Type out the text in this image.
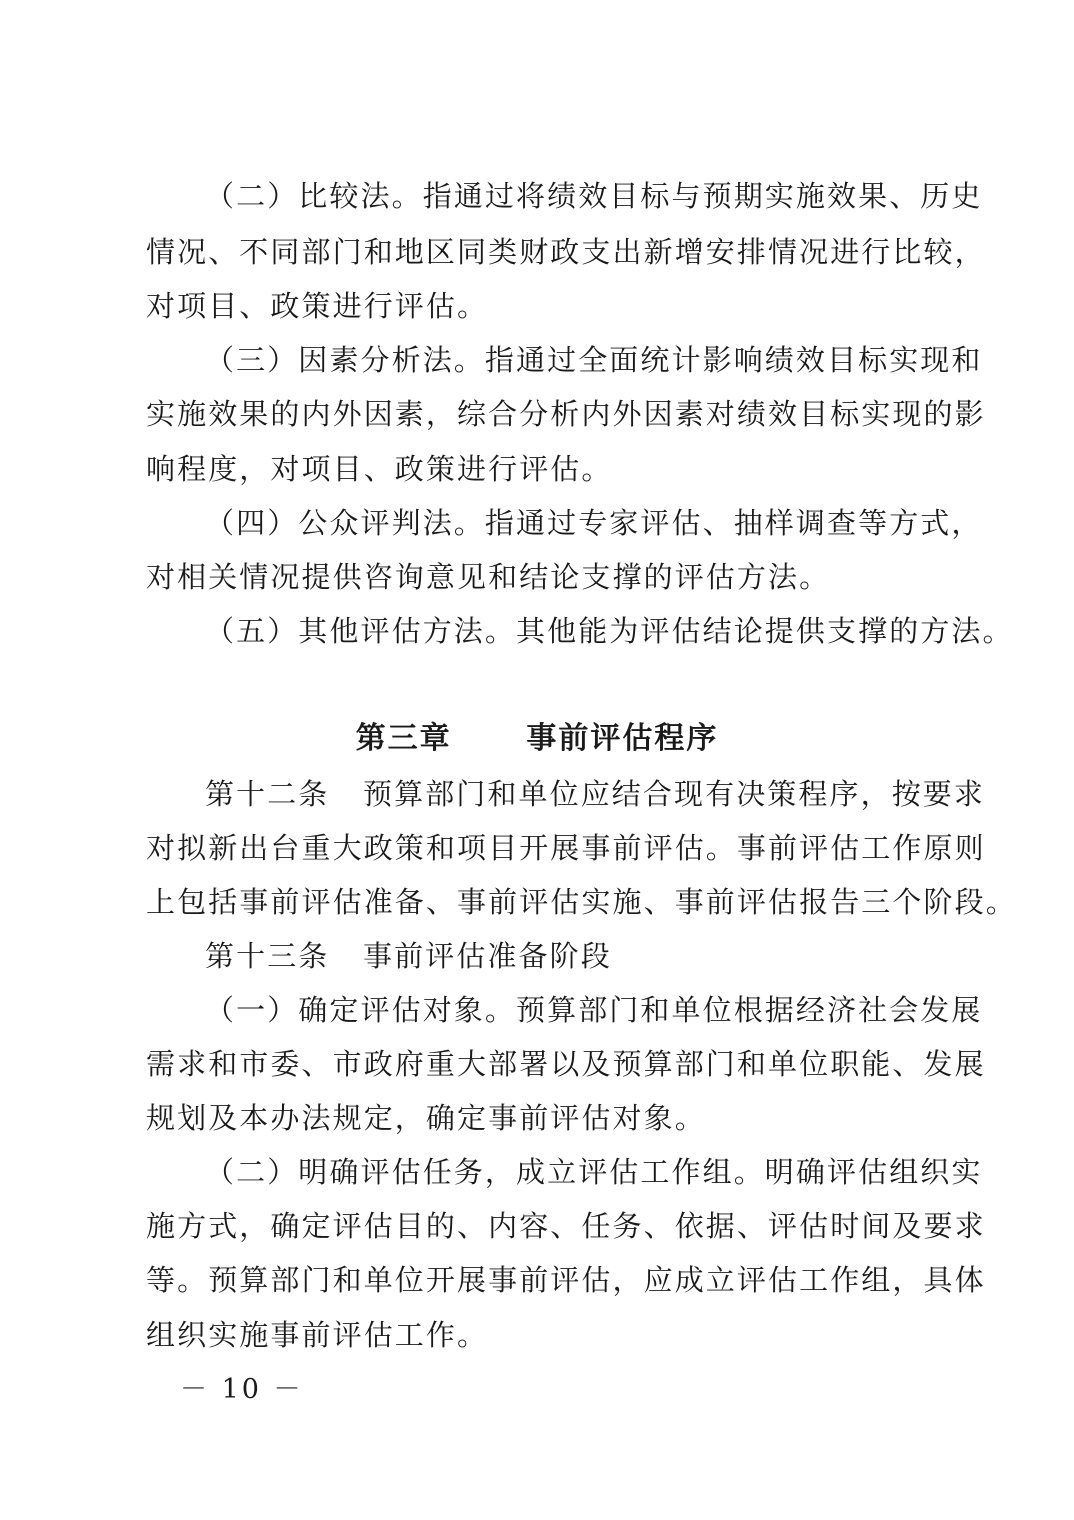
（二）比较法。指通过将绩效目标与预期实施效果、历史
情况、不同部门和地区同类财政支出新增安排情况进行比较，
对项目、政策进行评估。
（三）因素分析法。指通过全面统计影响绩效目标实现和
实施效果的内外因素，综合分析内外因素对绩效目标实现的影
响程度，对项目、政策进行评估。
（四）公众评判法。指通过专家评估、抽样调查等方式，
对相关情况提供咨询意见和结论支撑的评估方法。
（五）其他评估方法。其他能为评估结论提供支撑的方法。
第三章      事前评估程序
第十二条 预算部门和单位应结合现有决策程序，按要求
对拟新出台重大政策和项目开展事前评估。事前评估工作原则
上包括事前评估准备、事前评估实施、事前评估报告三个阶段。
第十三条 事前评估准备阶段
（一）确定评估对象。预算部门和单位根据经济社会发展
需求和市委、市政府重大部署以及预算部门和单位职能、发展
规划及本办法规定，确定事前评估对象。
（二）明确评估任务，成立评估工作组。明确评估组织实
施方式，确定评估目的、内容、任务、依据、评估时间及要求
等。预算部门和单位开展事前评估，应成立评估工作组，具体
组织实施事前评估工作。
－ 10 －
